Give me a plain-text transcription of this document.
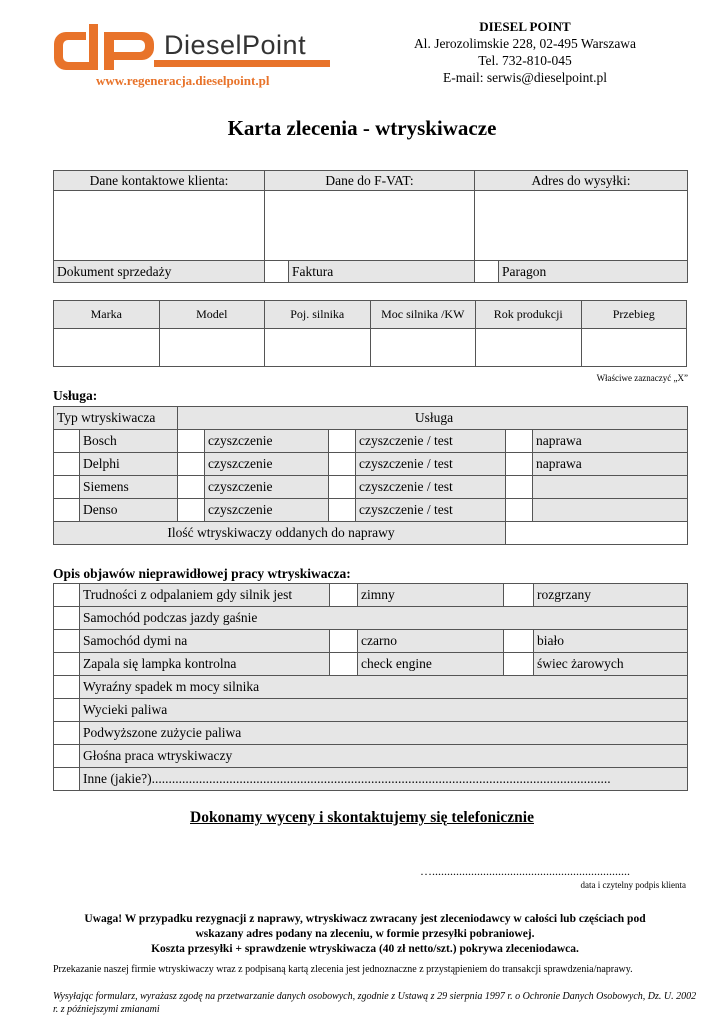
DieselPoint
www.regeneracja.dieselpoint.pl
DIESEL POINT
Al. Jerozolimskie 228, 02-495 Warszawa
Tel. 732-810-045
E-mail: serwis@dieselpoint.pl
Karta zlecenia - wtryskiwacze
Dane kontaktowe klienta:	Dane do F-VAT:		Adres do wysyłki:	

Dokument sprzedaży		Faktura		Paragon
Marka	Model	Poj. silnika	Moc silnika /KW	Rok produkcji	Przebieg

Właściwe zaznaczyć „X”
Usługa:
Typ wtryskiwacza		Usługa					
	Bosch		czyszczenie		czyszczenie / test		naprawa
	Delphi		czyszczenie		czyszczenie / test		naprawa
	Siemens		czyszczenie		czyszczenie / test		
	Denso		czyszczenie		czyszczenie / test		
Ilość wtryskiwaczy oddanych do naprawy							
Opis objawów nieprawidłowej pracy wtryskiwacza:
	Trudności z odpalaniem gdy silnik jest		zimny		rozgrzany
	Samochód podczas jazdy gaśnie				
	Samochód dymi na		czarno		biało
	Zapala się lampka kontrolna		check engine		świec żarowych
	Wyraźny spadek m mocy silnika				
	Wycieki paliwa				
	Podwyższone zużycie paliwa				
	Głośna praca wtryskiwaczy				
	Inne (jakie?)........................................................................................................................................				
Dokonamy wyceny i skontaktujemy się telefonicznie
…..................................................................
data i czytelny podpis klienta
Uwaga! W przypadku rezygnacji z naprawy, wtryskiwacz zwracany jest zleceniodawcy w całości lub częściach pod
wskazany adres podany na zleceniu, w formie przesyłki pobraniowej.
Koszta przesyłki + sprawdzenie wtryskiwacza (40 zł netto/szt.) pokrywa zleceniodawca.
Przekazanie naszej firmie wtryskiwaczy wraz z podpisaną kartą zlecenia jest jednoznaczne z przystąpieniem do transakcji sprawdzenia/naprawy.
Wysyłając formularz, wyrażasz zgodę na przetwarzanie danych osobowych, zgodnie z Ustawą z 29 sierpnia 1997 r. o Ochronie Danych Osobowych, Dz. U. 2002 r. z późniejszymi zmianami
